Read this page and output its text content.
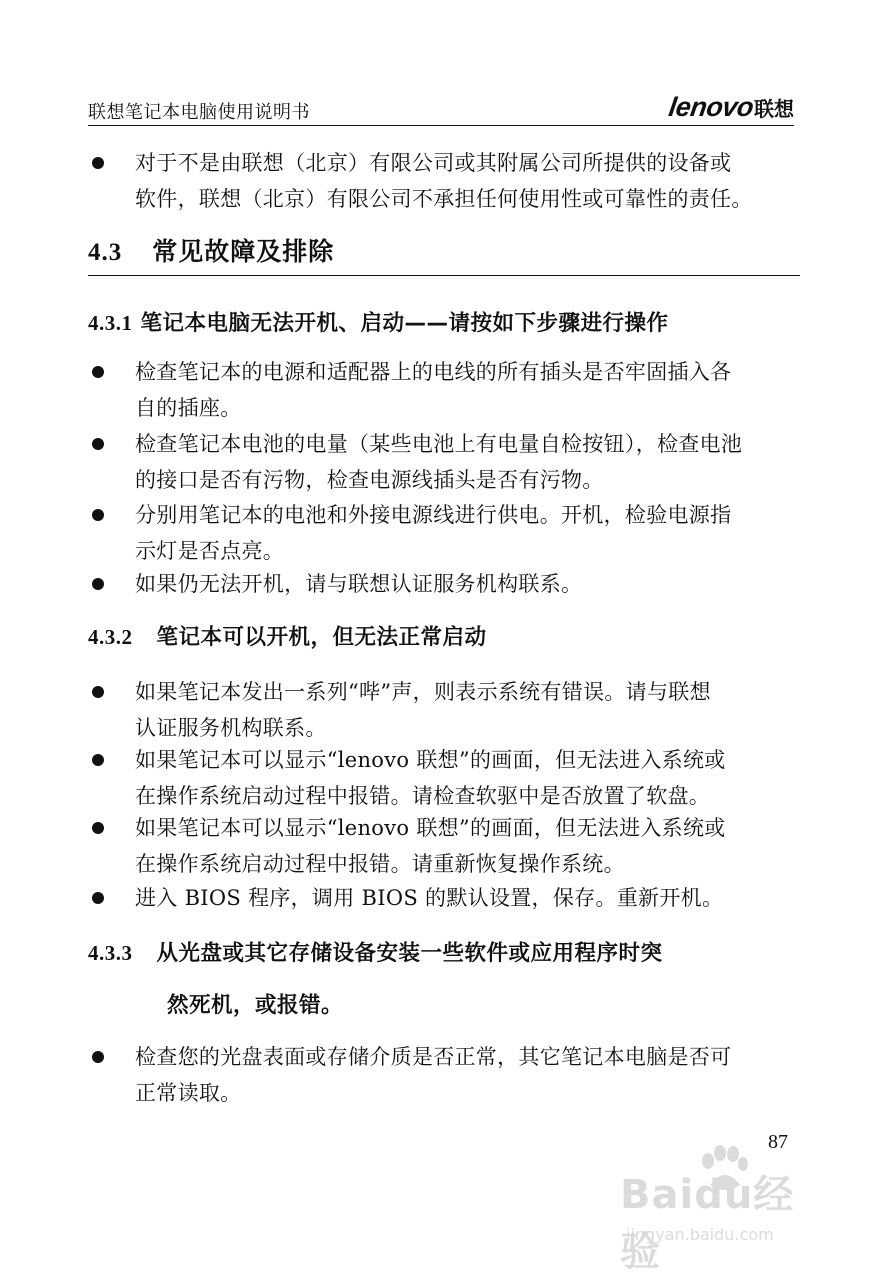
联想笔记本电脑使用说明书	lenovo
联想
对于不是由联想（北京）有限公司或其附属公司所提供的设备或
软件，联想（北京）有限公司不承担任何使用性或可靠性的责任。
4.3 常见故障及排除
4.3.1 笔记本电脑无法开机、启动——请按如下步骤进行操作
检查笔记本的电源和适配器上的电线的所有插头是否牢固插入各
自的插座。
检查笔记本电池的电量（某些电池上有电量自检按钮），检查电池
的接口是否有污物，检查电源线插头是否有污物。
分别用笔记本的电池和外接电源线进行供电。开机，检验电源指
示灯是否点亮。
如果仍无法开机，请与联想认证服务机构联系。
4.3.2 笔记本可以开机，但无法正常启动
如果笔记本发出一系列“哔”声，则表示系统有错误。请与联想
认证服务机构联系。
如果笔记本可以显示“lenovo 联想”的画面，但无法进入系统或
在操作系统启动过程中报错。请检查软驱中是否放置了软盘。
如果笔记本可以显示“lenovo 联想”的画面，但无法进入系统或
在操作系统启动过程中报错。请重新恢复操作系统。
进入 BIOS 程序，调用 BIOS 的默认设置，保存。重新开机。
4.3.3 从光盘或其它存储设备安装一些软件或应用程序时突
然死机，或报错。
检查您的光盘表面或存储介质是否正常，其它笔记本电脑是否可
正常读取。
87
Baidu经验
jingyan.baidu.com
